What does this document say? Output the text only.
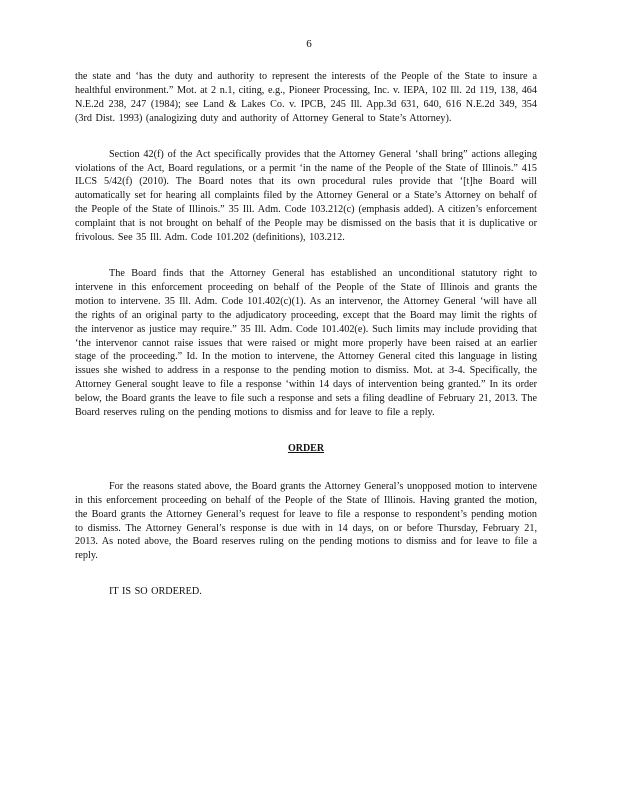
6

the state and ‘has the duty and authority to represent the interests of the People of the State to insure a healthful environment.” Mot. at 2 n.1, citing, e.g., Pioneer Processing, Inc. v. IEPA, 102 Ill. 2d 119, 138, 464 N.E.2d 238, 247 (1984); see Land & Lakes Co. v. IPCB, 245 Ill. App.3d 631, 640, 616 N.E.2d 349, 354 (3rd Dist. 1993) (analogizing duty and authority of Attorney General to State’s Attorney).

Section 42(f) of the Act specifically provides that the Attorney General ‘shall bring” actions alleging violations of the Act, Board regulations, or a permit ‘in the name of the People of the State of Illinois.” 415 ILCS 5/42(f) (2010). The Board notes that its own procedural rules provide that ‘[t]he Board will automatically set for hearing all complaints filed by the Attorney General or a State’s Attorney on behalf of the People of the State of Illinois.” 35 Ill. Adm. Code 103.212(c) (emphasis added). A citizen’s enforcement complaint that is not brought on behalf of the People may be dismissed on the basis that it is duplicative or frivolous. See 35 Ill. Adm. Code 101.202 (definitions), 103.212.

The Board finds that the Attorney General has established an unconditional statutory right to intervene in this enforcement proceeding on behalf of the People of the State of Illinois and grants the motion to intervene. 35 Ill. Adm. Code 101.402(c)(1). As an intervenor, the Attorney General ‘will have all the rights of an original party to the adjudicatory proceeding, except that the Board may limit the rights of the intervenor as justice may require.” 35 Ill. Adm. Code 101.402(e). Such limits may include providing that ‘the intervenor cannot raise issues that were raised or might more properly have been raised at an earlier stage of the proceeding.” Id. In the motion to intervene, the Attorney General cited this language in listing issues she wished to address in a response to the pending motion to dismiss. Mot. at 3-4. Specifically, the Attorney General sought leave to file a response ‘within 14 days of intervention being granted.” In its order below, the Board grants the leave to file such a response and sets a filing deadline of February 21, 2013. The Board reserves ruling on the pending motions to dismiss and for leave to file a reply.

ORDER

For the reasons stated above, the Board grants the Attorney General’s unopposed motion to intervene in this enforcement proceeding on behalf of the People of the State of Illinois. Having granted the motion, the Board grants the Attorney General’s request for leave to file a response to respondent’s pending motion to dismiss. The Attorney General’s response is due with in 14 days, on or before Thursday, February 21, 2013. As noted above, the Board reserves ruling on the pending motions to dismiss and for leave to file a reply.

IT IS SO ORDERED.
